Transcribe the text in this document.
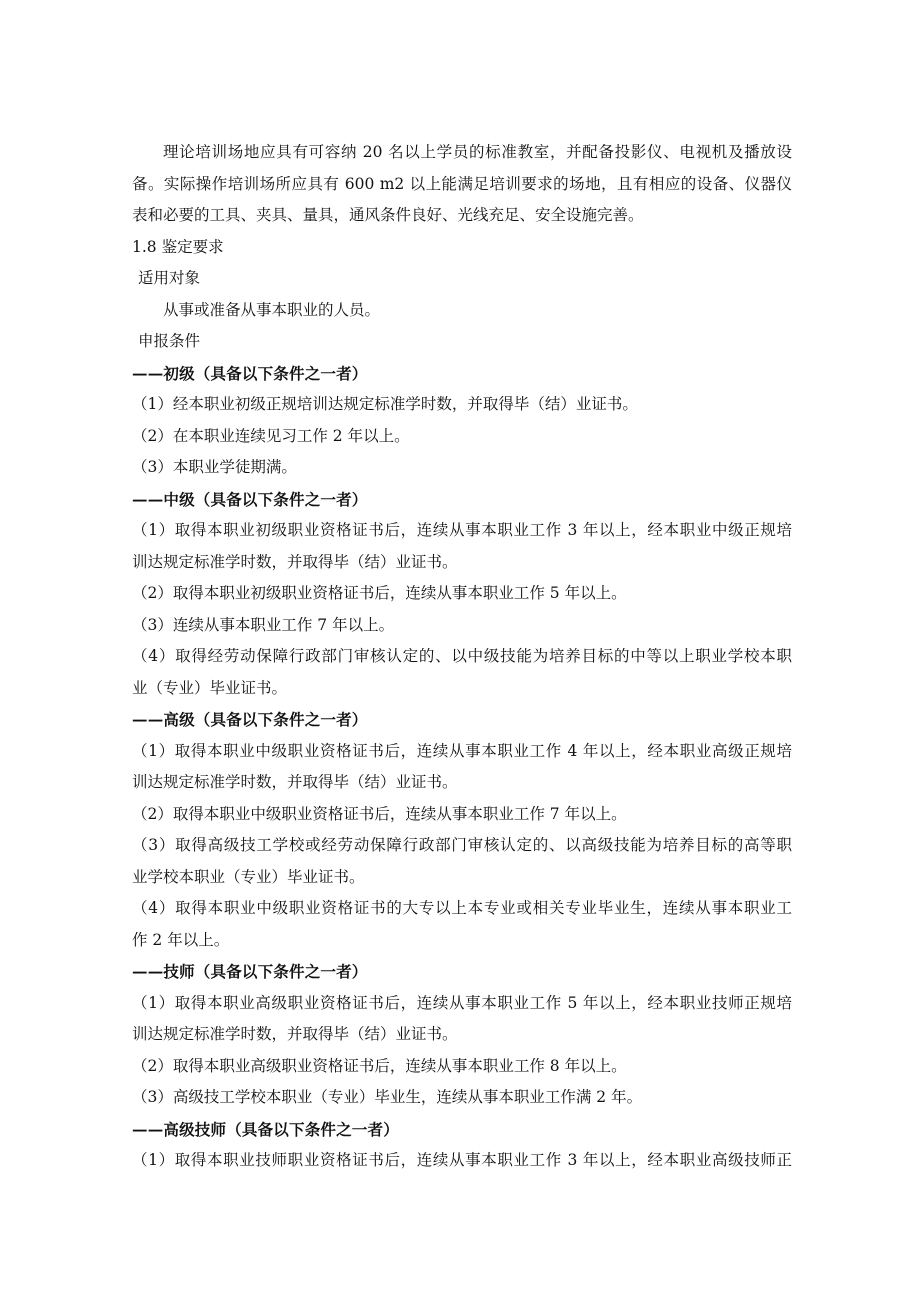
理论培训场地应具有可容纳 20 名以上学员的标准教室，并配备投影仪、电视机及播放设
备。实际操作培训场所应具有 600 m2 以上能满足培训要求的场地，且有相应的设备、仪器仪
表和必要的工具、夹具、量具，通风条件良好、光线充足、安全设施完善。
1.8 鉴定要求
适用对象
从事或准备从事本职业的人员。
申报条件
——初级（具备以下条件之一者）
（1）经本职业初级正规培训达规定标准学时数，并取得毕（结）业证书。
（2）在本职业连续见习工作 2 年以上。
（3）本职业学徒期满。
——中级（具备以下条件之一者）
（1）取得本职业初级职业资格证书后，连续从事本职业工作 3 年以上，经本职业中级正规培
训达规定标准学时数，并取得毕（结）业证书。
（2）取得本职业初级职业资格证书后，连续从事本职业工作 5 年以上。
（3）连续从事本职业工作 7 年以上。
（4）取得经劳动保障行政部门审核认定的、以中级技能为培养目标的中等以上职业学校本职
业（专业）毕业证书。
——高级（具备以下条件之一者）
（1）取得本职业中级职业资格证书后，连续从事本职业工作 4 年以上，经本职业高级正规培
训达规定标准学时数，并取得毕（结）业证书。
（2）取得本职业中级职业资格证书后，连续从事本职业工作 7 年以上。
（3）取得高级技工学校或经劳动保障行政部门审核认定的、以高级技能为培养目标的高等职
业学校本职业（专业）毕业证书。
（4）取得本职业中级职业资格证书的大专以上本专业或相关专业毕业生，连续从事本职业工
作 2 年以上。
——技师（具备以下条件之一者）
（1）取得本职业高级职业资格证书后，连续从事本职业工作 5 年以上，经本职业技师正规培
训达规定标准学时数，并取得毕（结）业证书。
（2）取得本职业高级职业资格证书后，连续从事本职业工作 8 年以上。
（3）高级技工学校本职业（专业）毕业生，连续从事本职业工作满 2 年。
——高级技师（具备以下条件之一者）
（1）取得本职业技师职业资格证书后，连续从事本职业工作 3 年以上，经本职业高级技师正
